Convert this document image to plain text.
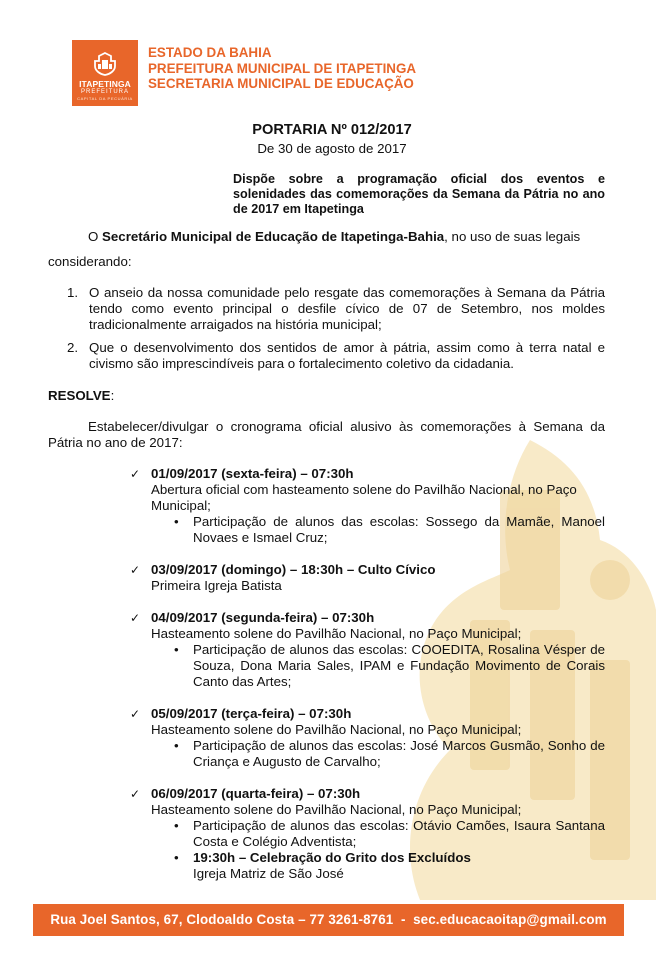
ITAPETINGA
PREFEITURA
CAPITAL DA PECUÁRIA
ESTADO DA BAHIA
PREFEITURA MUNICIPAL DE ITAPETINGA
SECRETARIA MUNICIPAL DE EDUCAÇÃO
PORTARIA Nº 012/2017
De 30 de agosto de 2017
Dispõe sobre a programação oficial dos eventos e solenidades das comemorações da Semana da Pátria no ano de 2017 em Itapetinga
O Secretário Municipal de Educação de Itapetinga-Bahia, no uso de suas legais
considerando:
1. O anseio da nossa comunidade pelo resgate das comemorações à Semana da Pátria tendo como evento principal o desfile cívico de 07 de Setembro, nos moldes tradicionalmente arraigados na história municipal;
2. Que o desenvolvimento dos sentidos de amor à pátria, assim como à terra natal e civismo são imprescindíveis para o fortalecimento coletivo da cidadania.
RESOLVE:
Estabelecer/divulgar o cronograma oficial alusivo às comemorações à Semana da Pátria no ano de 2017:
✓ 01/09/2017 (sexta-feira) – 07:30h
Abertura oficial com hasteamento solene do Pavilhão Nacional, no Paço Municipal;
• Participação de alunos das escolas: Sossego da Mamãe, Manoel Novaes e Ismael Cruz;
✓ 03/09/2017 (domingo) – 18:30h – Culto Cívico
Primeira Igreja Batista
✓ 04/09/2017 (segunda-feira) – 07:30h
Hasteamento solene do Pavilhão Nacional, no Paço Municipal;
• Participação de alunos das escolas: COOEDITA, Rosalina Vésper de Souza, Dona Maria Sales, IPAM e Fundação Movimento de Corais Canto das Artes;
✓ 05/09/2017 (terça-feira) – 07:30h
Hasteamento solene do Pavilhão Nacional, no Paço Municipal;
• Participação de alunos das escolas: José Marcos Gusmão, Sonho de Criança e Augusto de Carvalho;
✓ 06/09/2017 (quarta-feira) – 07:30h
Hasteamento solene do Pavilhão Nacional, no Paço Municipal;
• Participação de alunos das escolas: Otávio Camões, Isaura Santana Costa e Colégio Adventista;
• 19:30h – Celebração do Grito dos Excluídos
Igreja Matriz de São José
Rua Joel Santos, 67, Clodoaldo Costa – 77 3261-8761  -  sec.educacaoitap@gmail.com
